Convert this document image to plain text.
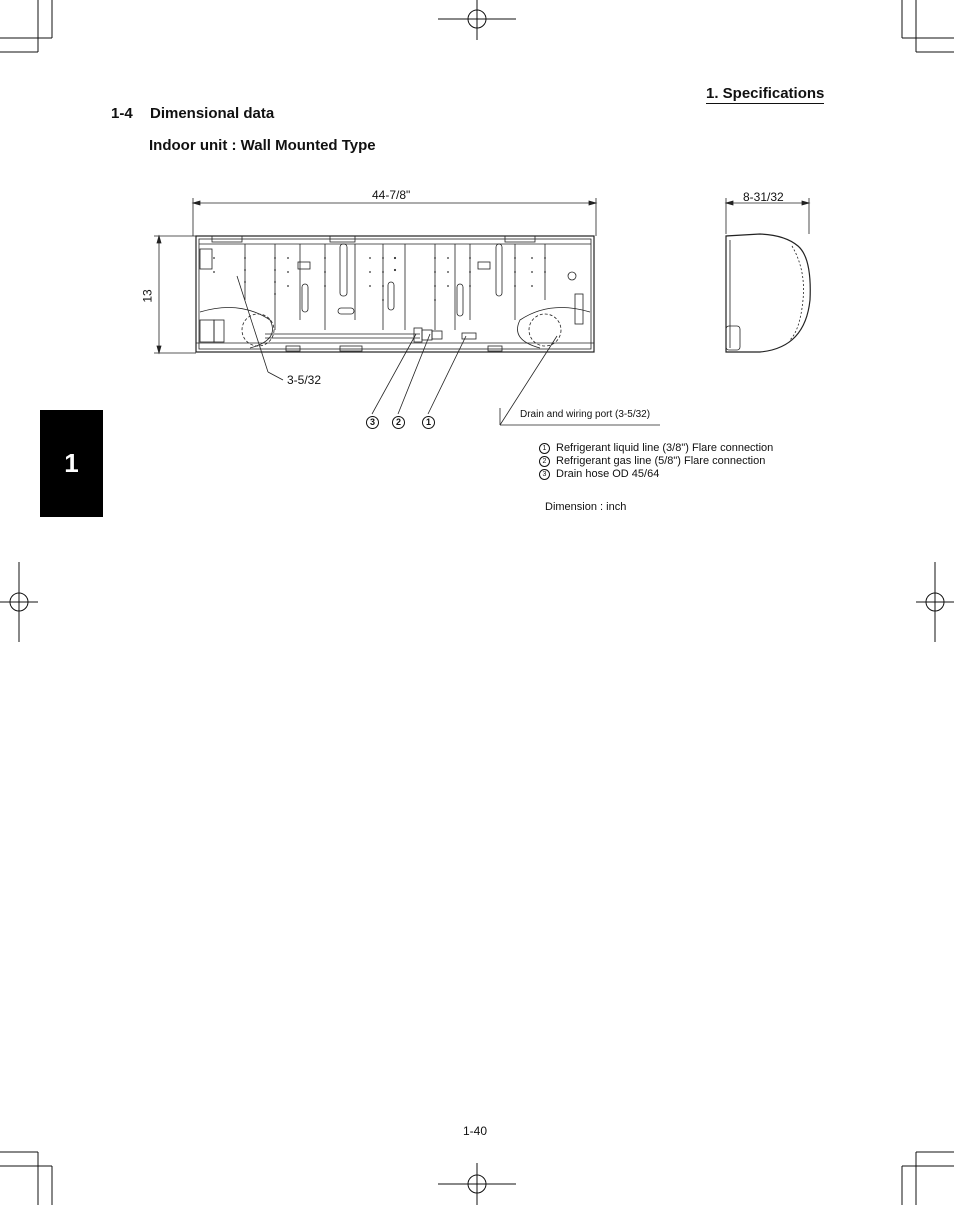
1. Specifications
1-4 Dimensional data
Indoor unit : Wall Mounted Type
44-7/8"
13
8-31/32
3-5/32
Drain and wiring port (3-5/32)
3	2	1
1 Refrigerant liquid line (3/8") Flare connection
2 Refrigerant gas line (5/8") Flare connection
3 Drain hose OD 45/64
Dimension : inch
1
1-40
